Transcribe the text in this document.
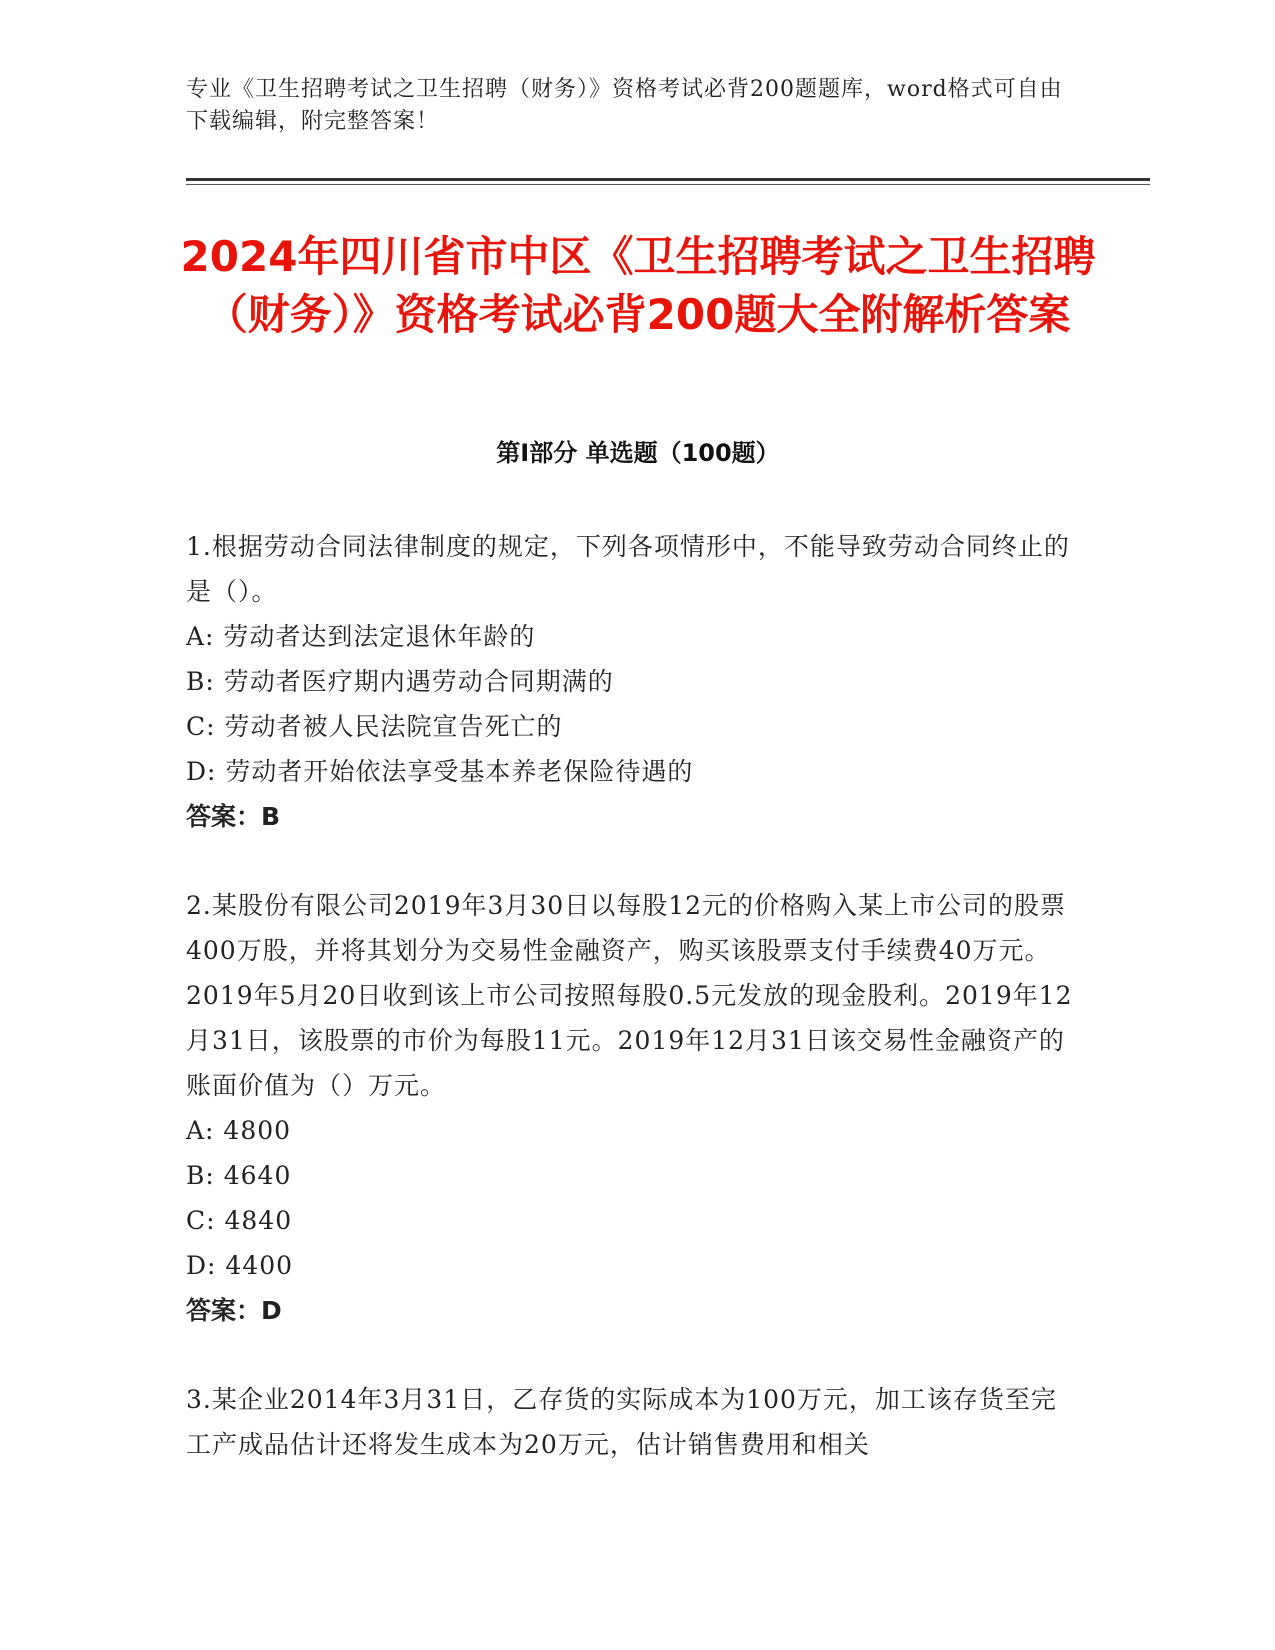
专业《卫生招聘考试之卫生招聘（财务）》资格考试必背200题题库，word格式可自由下载编辑，附完整答案！
2024年四川省市中区《卫生招聘考试之卫生招聘（财务）》资格考试必背200题大全附解析答案
第I部分 单选题（100题）

1.根据劳动合同法律制度的规定，下列各项情形中，不能导致劳动合同终止的是（）。

A: 劳动者达到法定退休年龄的

B: 劳动者医疗期内遇劳动合同期满的

C: 劳动者被人民法院宣告死亡的

D: 劳动者开始依法享受基本养老保险待遇的

答案：B

2.某股份有限公司2019年3月30日以每股12元的价格购入某上市公司的股票400万股，并将其划分为交易性金融资产，购买该股票支付手续费40万元。2019年5月20日收到该上市公司按照每股0.5元发放的现金股利。2019年12月31日，该股票的市价为每股11元。2019年12月31日该交易性金融资产的账面价值为（）万元。

A: 4800

B: 4640

C: 4840

D: 4400

答案：D

3.某企业2014年3月31日，乙存货的实际成本为100万元，加工该存货至完工产成品估计还将发生成本为20万元，估计销售费用和相关
